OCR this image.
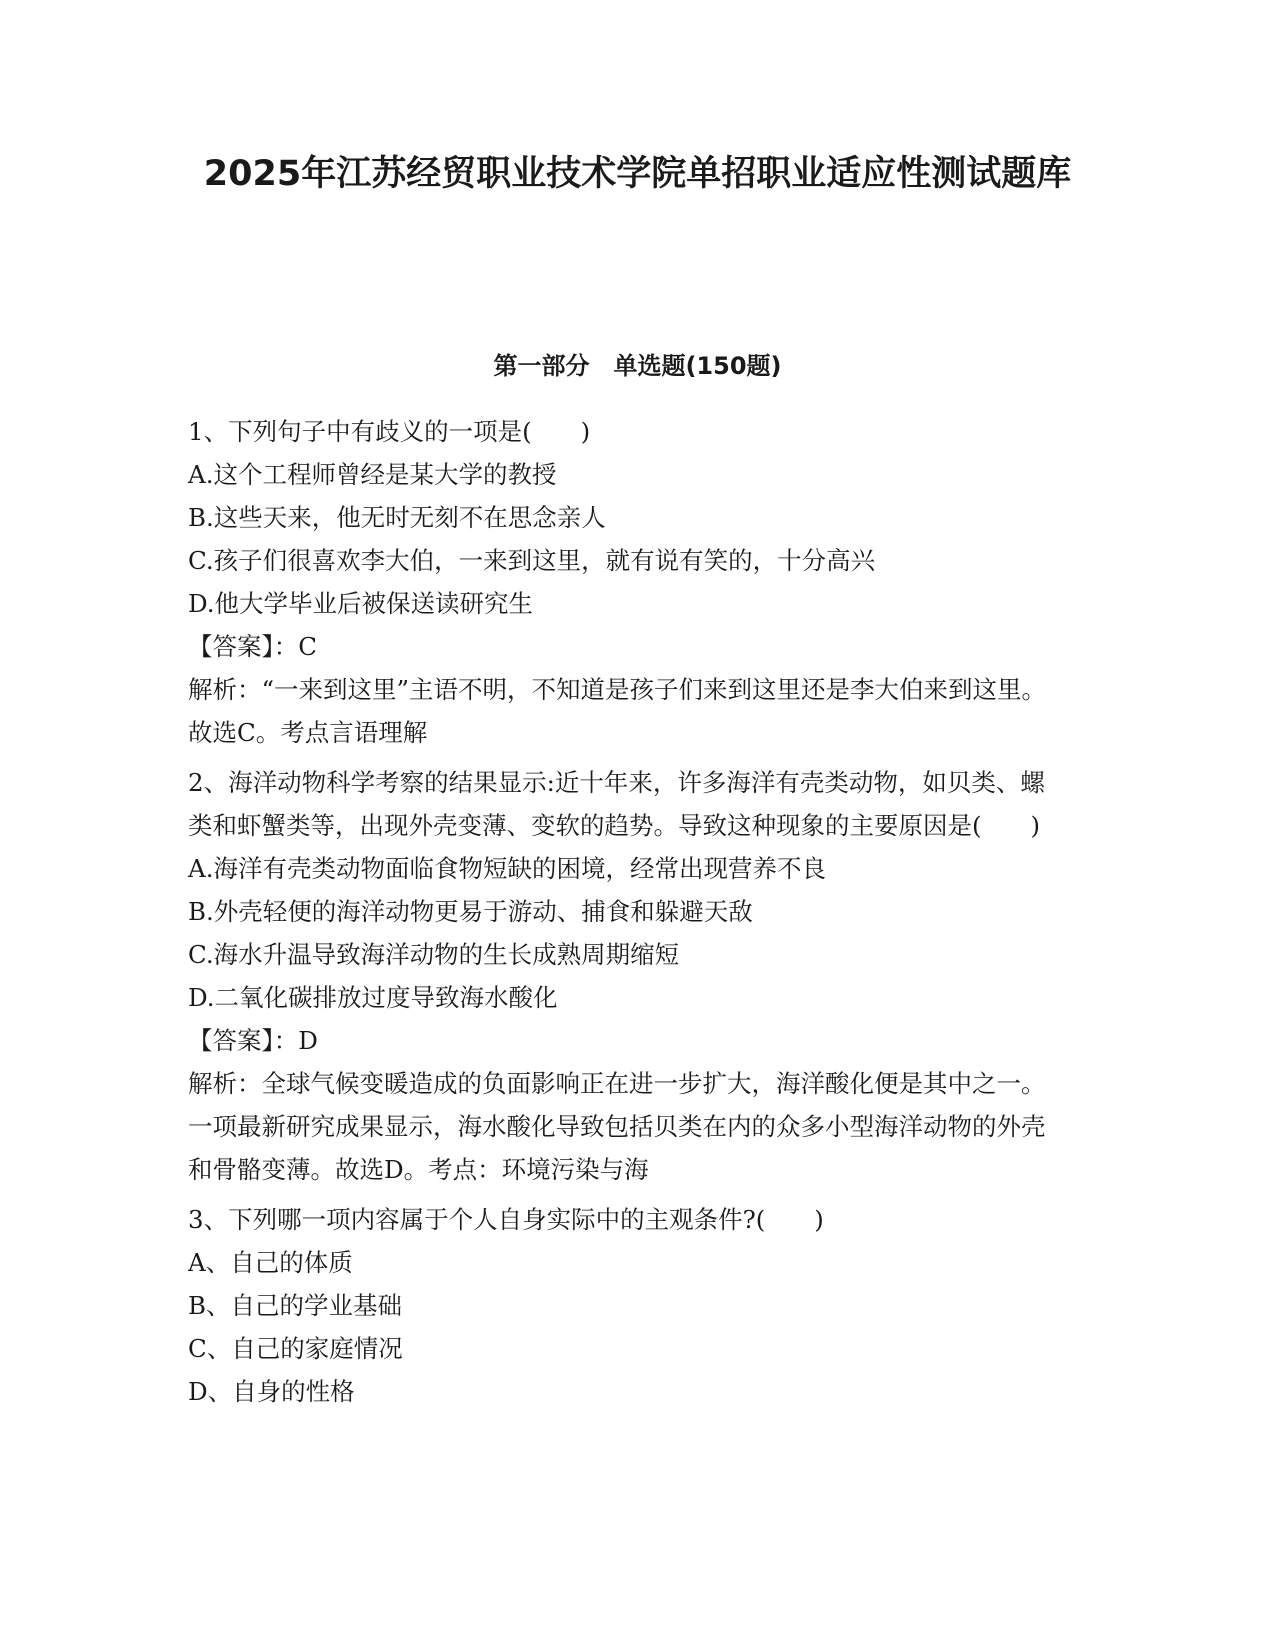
2025年江苏经贸职业技术学院单招职业适应性测试题库
第一部分　单选题(150题)
1、下列句子中有歧义的一项是(　　)
A.这个工程师曾经是某大学的教授
B.这些天来，他无时无刻不在思念亲人
C.孩子们很喜欢李大伯，一来到这里，就有说有笑的，十分高兴
D.他大学毕业后被保送读研究生
【答案】：C
解析：“一来到这里”主语不明，不知道是孩子们来到这里还是李大伯来到这里。故选C。考点言语理解
2、海洋动物科学考察的结果显示:近十年来，许多海洋有壳类动物，如贝类、螺类和虾蟹类等，出现外壳变薄、变软的趋势。导致这种现象的主要原因是(　　)
A.海洋有壳类动物面临食物短缺的困境，经常出现营养不良
B.外壳轻便的海洋动物更易于游动、捕食和躲避天敌
C.海水升温导致海洋动物的生长成熟周期缩短
D.二氧化碳排放过度导致海水酸化
【答案】：D
解析：全球气候变暖造成的负面影响正在进一步扩大，海洋酸化便是其中之一。一项最新研究成果显示，海水酸化导致包括贝类在内的众多小型海洋动物的外壳和骨骼变薄。故选D。考点：环境污染与海
3、下列哪一项内容属于个人自身实际中的主观条件?(　　)
A、自己的体质
B、自己的学业基础
C、自己的家庭情况
D、自身的性格
